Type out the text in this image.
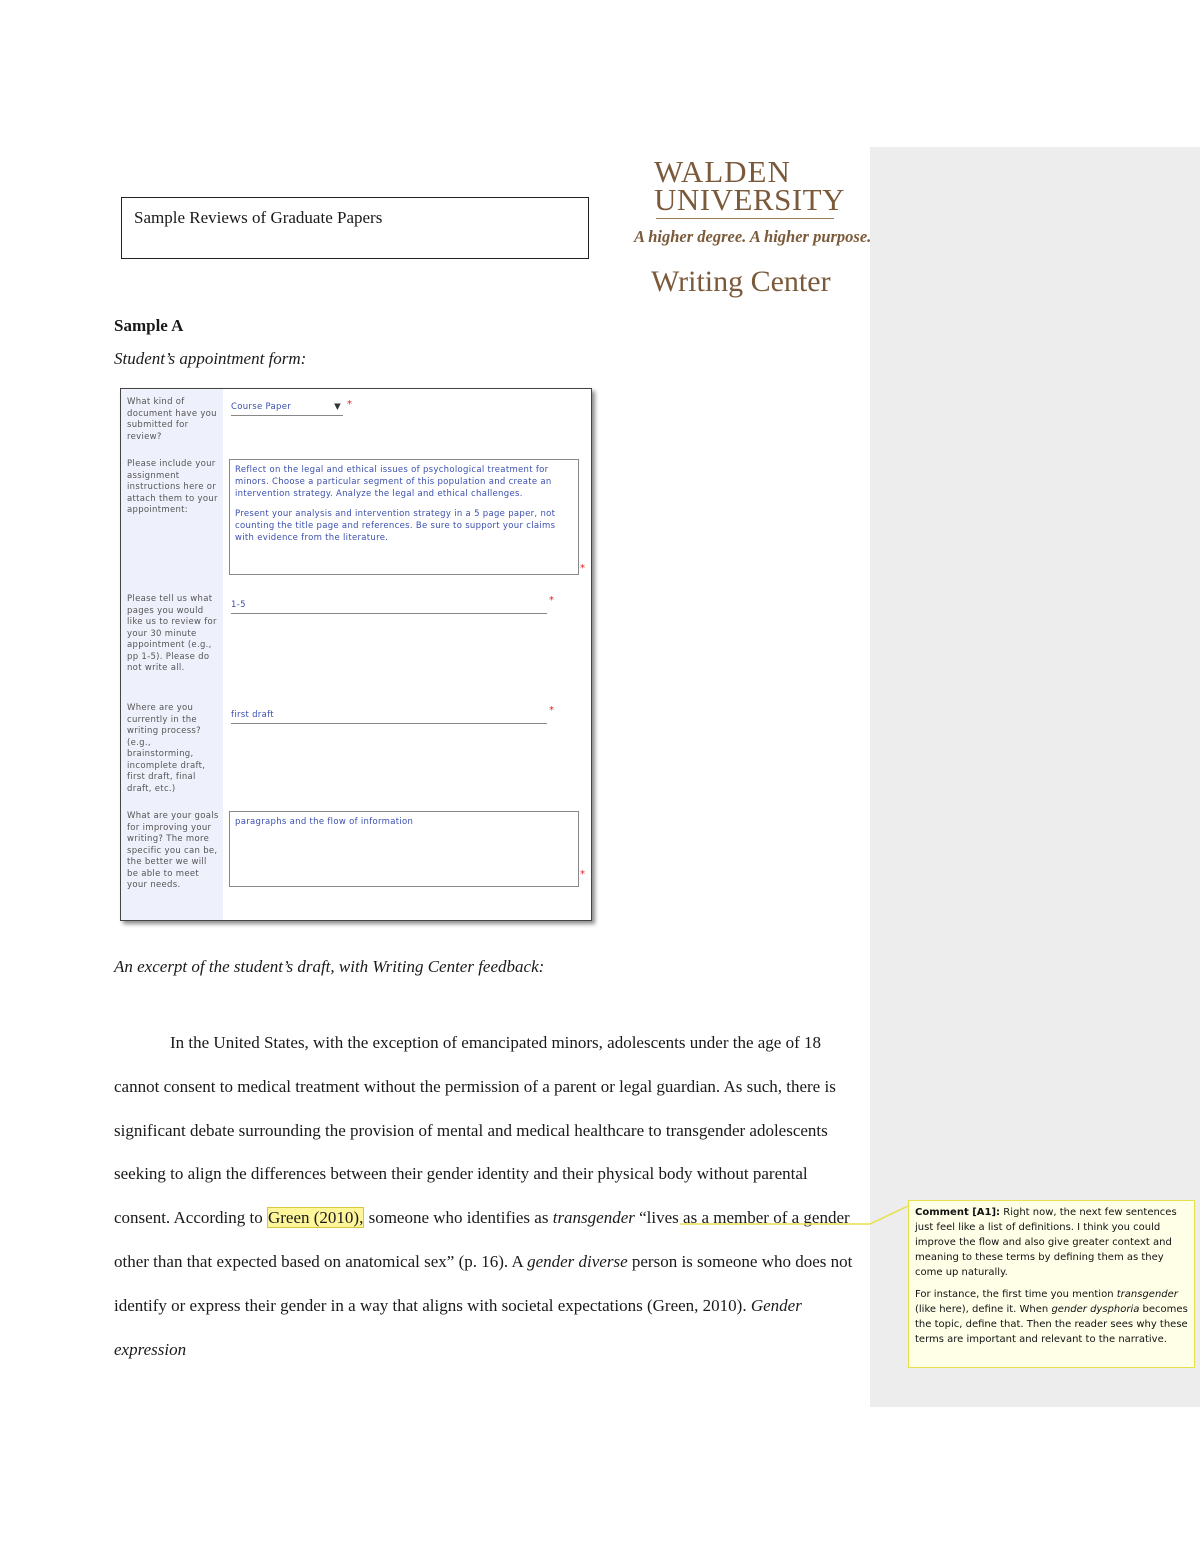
Sample Reviews of Graduate Papers
WALDEN
UNIVERSITY
A higher degree. A higher purpose.
Writing Center
Sample A
Student’s appointment form:
What kind of document have you submitted for review?
Course Paper	▼ *
Please include your assignment instructions here or attach them to your appointment:
Reflect on the legal and ethical issues of psychological treatment for minors. Choose a particular segment of this population and create an intervention strategy. Analyze the legal and ethical challenges.
Present your analysis and intervention strategy in a 5 page paper, not counting the title page and references. Be sure to support your claims with evidence from the literature.
*
Please tell us what pages you would like us to review for your 30 minute appointment (e.g., pp 1-5). Please do not write all.
1-5	*
Where are you currently in the writing process? (e.g., brainstorming, incomplete draft, first draft, final draft, etc.)
first draft	*
What are your goals for improving your writing? The more specific you can be, the better we will be able to meet your needs.
paragraphs and the flow of information
*
An excerpt of the student’s draft, with Writing Center feedback:

In the United States, with the exception of emancipated minors, adolescents under the age of 18 cannot consent to medical treatment without the permission of a parent or legal guardian. As such, there is significant debate surrounding the provision of mental and medical healthcare to transgender adolescents seeking to align the differences between their gender identity and their physical body without parental consent. According to Green (2010), someone who identifies as transgender “lives as a member of a gender other than that expected based on anatomical sex” (p. 16). A gender diverse person is someone who does not identify or express their gender in a way that aligns with societal expectations (Green, 2010). Gender expression

Comment [A1]: Right now, the next few sentences just feel like a list of definitions. I think you could improve the flow and also give greater context and meaning to these terms by defining them as they come up naturally.

For instance, the first time you mention transgender (like here), define it. When gender dysphoria becomes the topic, define that. Then the reader sees why these terms are important and relevant to the narrative.
